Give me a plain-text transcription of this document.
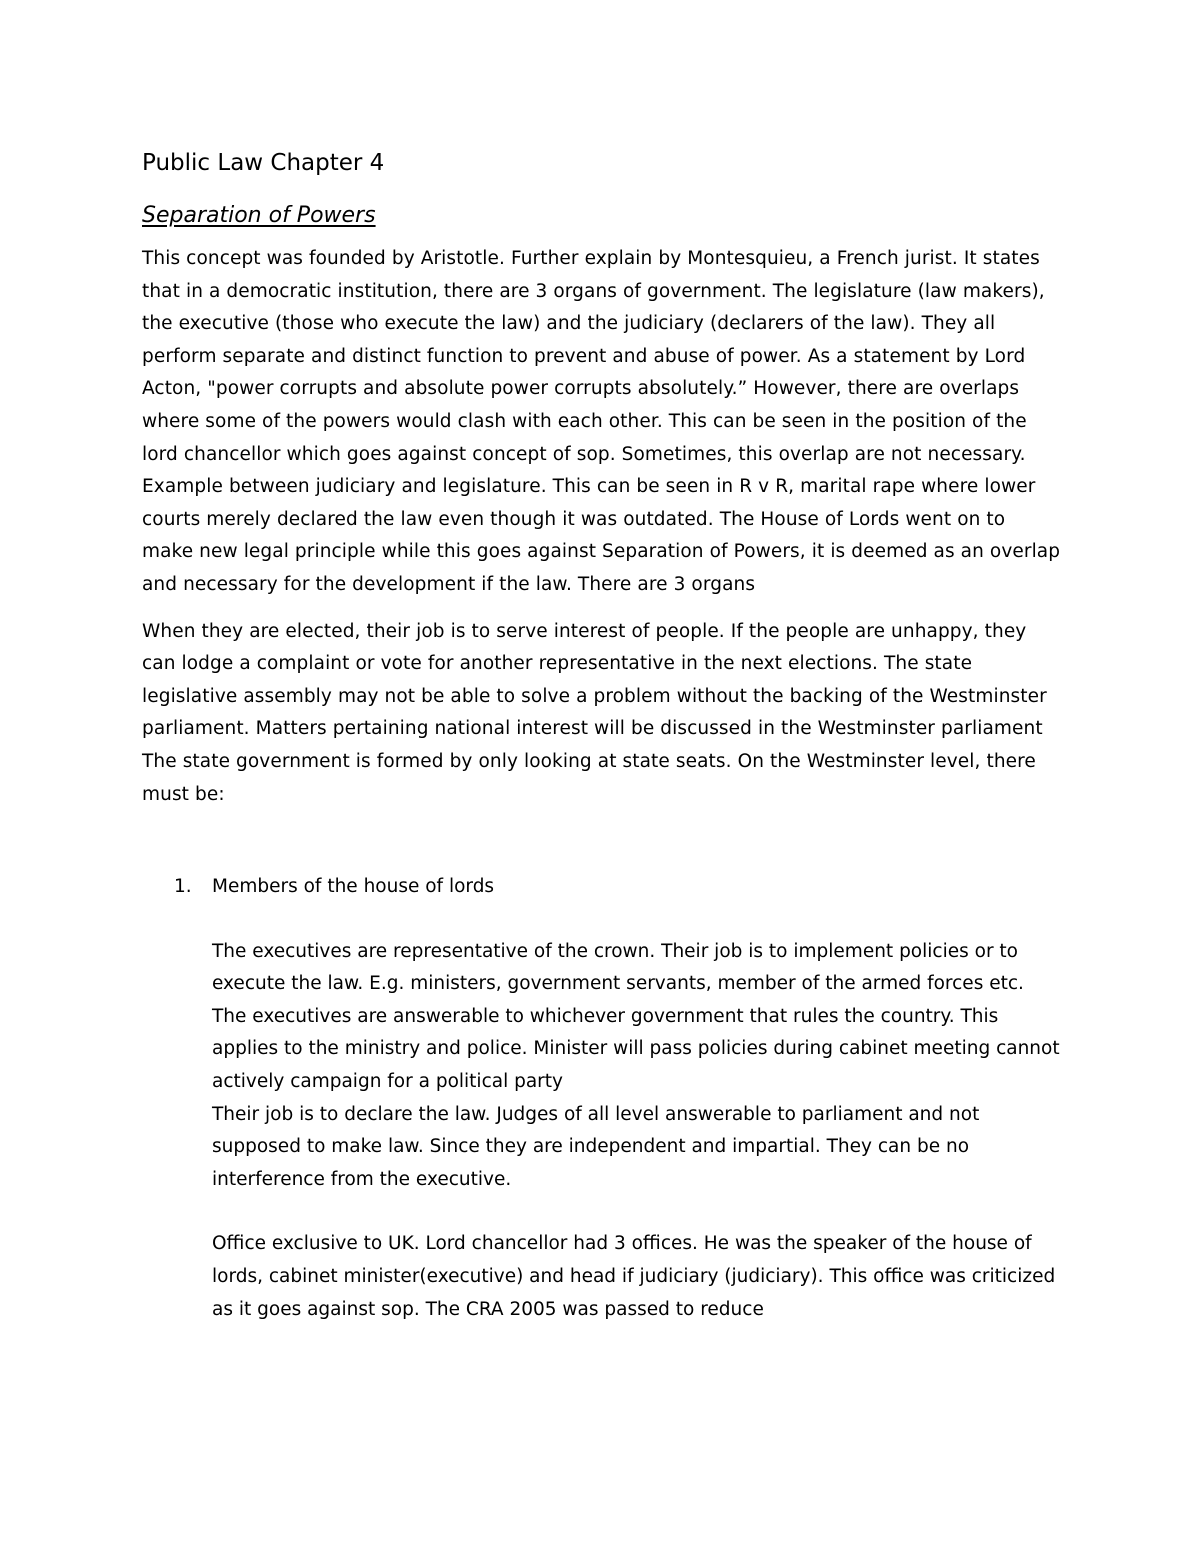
Public Law Chapter 4
Separation of Powers

This concept was founded by Aristotle. Further explain by Montesquieu, a French jurist. It states that in a democratic institution, there are 3 organs of government. The legislature (law makers), the executive (those who execute the law) and the judiciary (declarers of the law). They all perform separate and distinct function to prevent and abuse of power. As a statement by Lord Acton, "power corrupts and absolute power corrupts absolutely.” However, there are overlaps where some of the powers would clash with each other. This can be seen in the position of the lord chancellor which goes against concept of sop. Sometimes, this overlap are not necessary. Example between judiciary and legislature. This can be seen in R v R, marital rape where lower courts merely declared the law even though it was outdated. The House of Lords went on to make new legal principle while this goes against Separation of Powers, it is deemed as an overlap and necessary for the development if the law. There are 3 organs

When they are elected, their job is to serve interest of people. If the people are unhappy, they can lodge a complaint or vote for another representative in the next elections. The state legislative assembly may not be able to solve a problem without the backing of the Westminster parliament. Matters pertaining national interest will be discussed in the Westminster parliament

The state government is formed by only looking at state seats. On the Westminster level, there must be:

1. Members of the house of lords

The executives are representative of the crown. Their job is to implement policies or to execute the law. E.g. ministers, government servants, member of the armed forces etc. The executives are answerable to whichever government that rules the country. This applies to the ministry and police. Minister will pass policies during cabinet meeting cannot actively campaign for a political party

Their job is to declare the law. Judges of all level answerable to parliament and not supposed to make law. Since they are independent and impartial. They can be no interference from the executive.

Office exclusive to UK. Lord chancellor had 3 offices. He was the speaker of the house of lords, cabinet minister(executive) and head if judiciary (judiciary). This office was criticized as it goes against sop. The CRA 2005 was passed to reduce
